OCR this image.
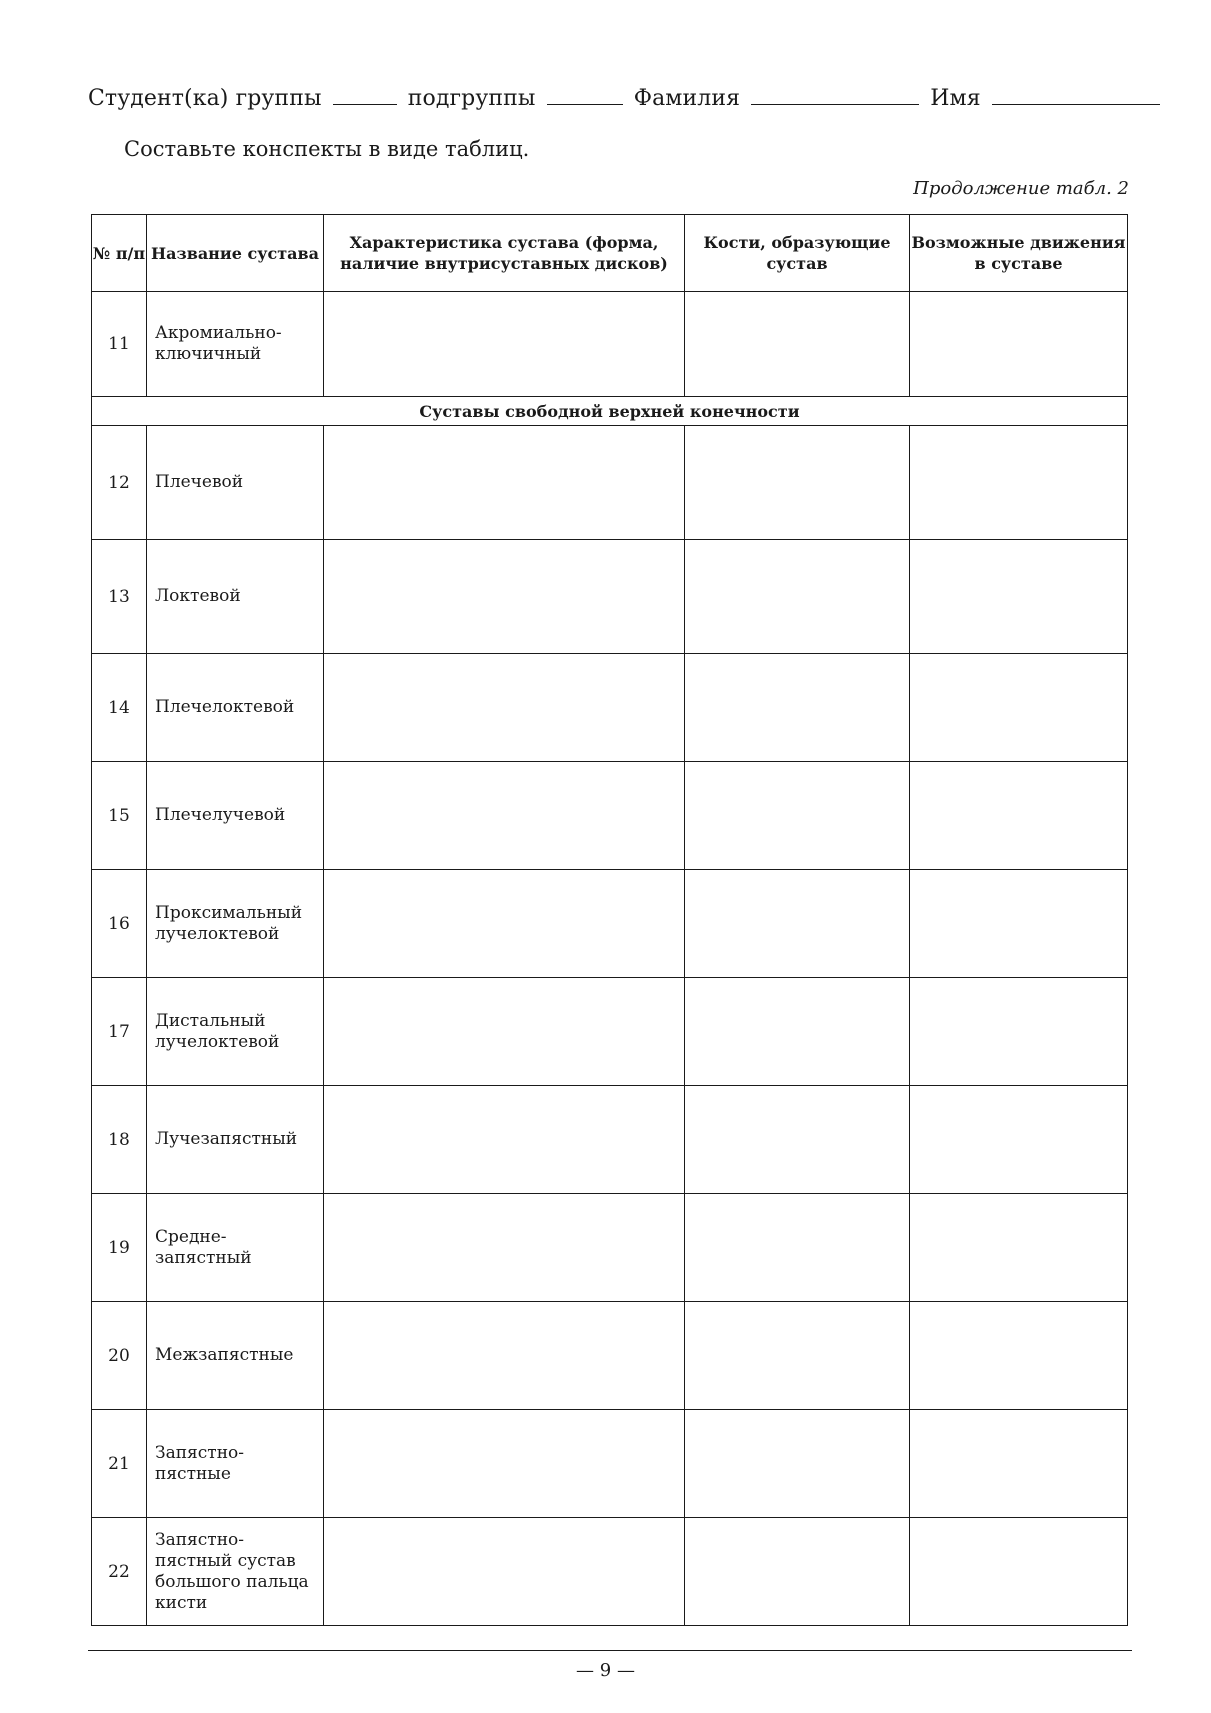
Студент(ка) группы	подгруппы	Фамилия	Имя
Составьте конспекты в виде таблиц.
Продолжение табл. 2
№ п/п	Название сустава	Характеристика сустава (форма, наличие внутрисуставных дисков)	Кости, образующие сустав	Возможные движения в суставе
11	Акромиально-ключичный			
Суставы свободной верхней конечности				
12	Плечевой			
13	Локтевой			
14	Плечелоктевой			
15	Плечелучевой			
16	Проксимальный лучелоктевой			
17	Дистальный лучелоктевой			
18	Лучезапястный			
19	Средне-запястный			
20	Межзапястные			
21	Запястно-пястные			
22	Запястно-пястный сустав большого пальца кисти			
— 9 —
